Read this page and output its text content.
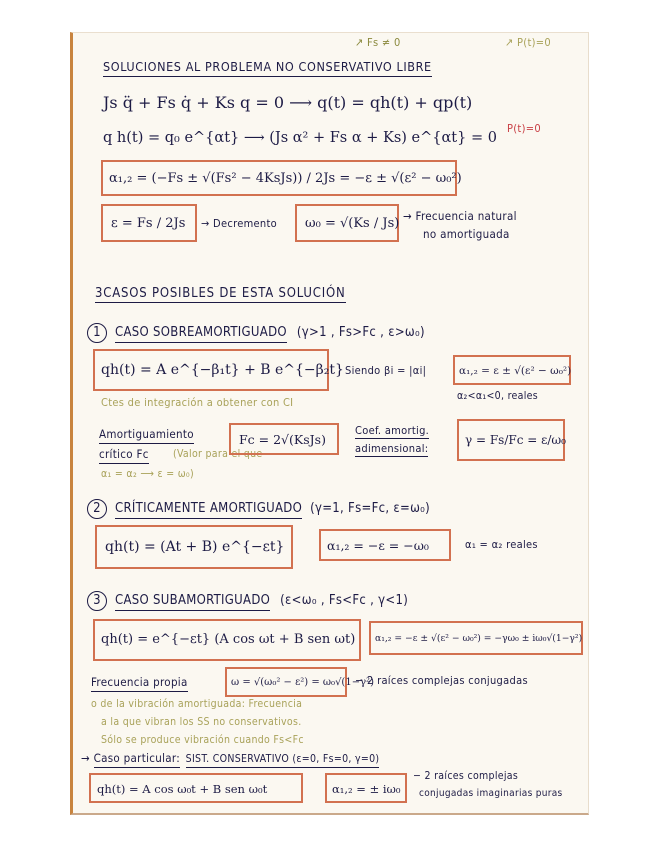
↗ Fs ≠ 0	↗ P(t)=0
SOLUCIONES AL PROBLEMA NO CONSERVATIVO LIBRE
Js q̈ + Fs q̇ + Ks q = 0 ⟶ q(t) = qh(t) + qp(t)
P(t)=0
q h(t) = q₀ e^{αt} ⟶ (Js α² + Fs α + Ks) e^{αt} = 0
α₁,₂ = (−Fs ± √(Fs² − 4KsJs)) / 2Js = −ε ± √(ε² − ω₀²)
ε = Fs / 2Js → Decremento ω₀ = √(Ks / Js) → Frecuencia natural
no amortiguada
3CASOS POSIBLES DE ESTA SOLUCIÓN
1 CASO SOBREAMORTIGUADO (γ>1 , Fs>Fc , ε>ω₀)
qh(t) = A e^{−β₁t} + B e^{−β₂t} Siendo βi = |αi|	α₁,₂ = ε ± √(ε² − ω₀²)
α₂<α₁<0, reales
Ctes de integración a obtener con CI
Amortiguamiento
crítico Fc (Valor para el que
α₁ = α₂ ⟶ ε = ω₀)
Fc = 2√(KsJs)
Coef. amortig.
adimensional:
γ = Fs/Fc = ε/ω₀
2 CRÍTICAMENTE AMORTIGUADO (γ=1, Fs=Fc, ε=ω₀)
qh(t) = (At + B) e^{−εt}	α₁,₂ = −ε = −ω₀	α₁ = α₂ reales
3 CASO SUBAMORTIGUADO (ε<ω₀ , Fs<Fc , γ<1)
qh(t) = e^{−εt} (A cos ωt + B sen ωt) α₁,₂ = −ε ± √(ε² − ω₀²) = −γω₀ ± iω₀√(1−γ²)
Frecuencia propia	ω = √(ω₀² − ε²) = ω₀√(1−γ²)
− 2 raíces complejas conjugadas
o de la vibración amortiguada: Frecuencia
a la que vibran los SS no conservativos.
Sólo se produce vibración cuando Fs<Fc
→ Caso particular: SIST. CONSERVATIVO (ε=0, Fs=0, γ=0)
qh(t) = A cos ω₀t + B sen ω₀t	α₁,₂ = ± iω₀
− 2 raíces complejas
conjugadas imaginarias puras
